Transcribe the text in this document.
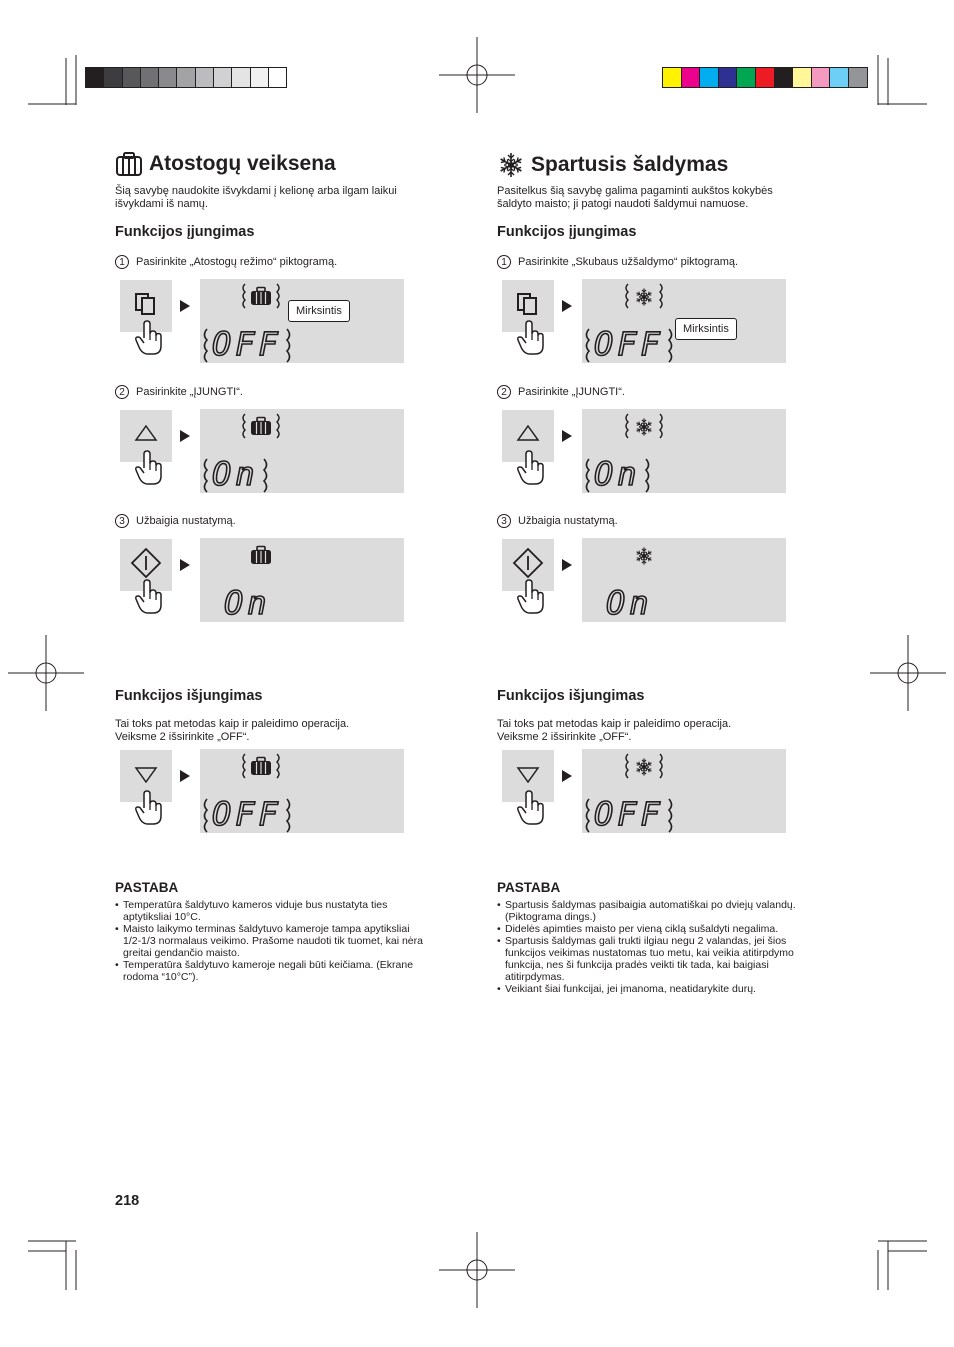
Atostogų veiksena
Šią savybę naudokite išvykdami į kelionę arba ilgam laikui
išvykdami iš namų.
Funkcijos įjungimas
Spartusis šaldymas
Pasitelkus šią savybę galima pagaminti aukštos kokybės
šaldyto maisto; ji patogi naudoti šaldymui namuose.
Funkcijos įjungimas
1	Pasirinkite „Atostogų režimo“ piktogramą.
OFF
Mirksintis
2	Pasirinkite „ĮJUNGTI“.
On
3	Užbaigia nustatymą.
On
OFF
1	Pasirinkite „Skubaus užšaldymo“ piktogramą.
OFF	Mirksintis
2	Pasirinkite „ĮJUNGTI“.
On
3	Užbaigia nustatymą.
On
OFF
Funkcijos išjungimas
Tai toks pat metodas kaip ir paleidimo operacija.
Veiksme 2 išsirinkite „OFF“.
Funkcijos išjungimas
Tai toks pat metodas kaip ir paleidimo operacija.
Veiksme 2 išsirinkite „OFF“.
PASTABA
• Temperatūra šaldytuvo kameros viduje bus nustatyta ties
aptytiksliai 10°C.
• Maisto laikymo terminas šaldytuvo kameroje tampa apytiksliai
1/2-1/3 normalaus veikimo. Prašome naudoti tik tuomet, kai nėra
greitai gendančio maisto.
• Temperatūra šaldytuvo kameroje negali būti keičiama. (Ekrane
rodoma “10°C”).
PASTABA
• Spartusis šaldymas pasibaigia automatiškai po dviejų valandų.
(Piktograma dings.)
• Didelės apimties maisto per vieną ciklą sušaldyti negalima.
• Spartusis šaldymas gali trukti ilgiau negu 2 valandas, jei šios
funkcijos veikimas nustatomas tuo metu, kai veikia atitirpdymo
funkcija, nes ši funkcija pradės veikti tik tada, kai baigiasi
atitirpdymas.
• Veikiant šiai funkcijai, jei įmanoma, neatidarykite durų.
218
